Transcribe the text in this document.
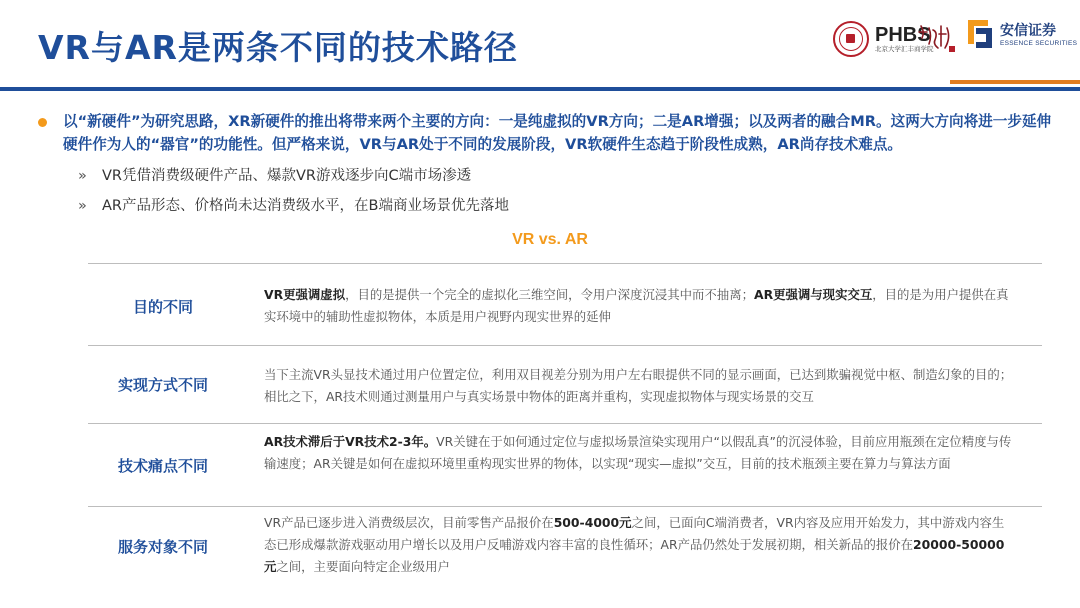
VR与AR是两条不同的技术路径	PHBS
北京大学汇丰商学院
安信证券
ESSENCE SECURITIES
以“新硬件”为研究思路，XR新硬件的推出将带来两个主要的方向：一是纯虚拟的VR方向；二是AR增强；以及两者的融合MR。这两大方向将进一步延伸硬件作为人的“器官”的功能性。但严格来说，VR与AR处于不同的发展阶段，VR软硬件生态趋于阶段性成熟，AR尚存技术难点。
» VR凭借消费级硬件产品、爆款VR游戏逐步向C端市场渗透
» AR产品形态、价格尚未达消费级水平，在B端商业场景优先落地
VR vs. AR
目的不同
VR更强调虚拟，目的是提供一个完全的虚拟化三维空间，令用户深度沉浸其中而不抽离；AR更强调与现实交互，目的是为用户提供在真实环境中的辅助性虚拟物体，本质是用户视野内现实世界的延伸
实现方式不同
当下主流VR头显技术通过用户位置定位，利用双目视差分别为用户左右眼提供不同的显示画面，已达到欺骗视觉中枢、制造幻象的目的；相比之下，AR技术则通过测量用户与真实场景中物体的距离并重构，实现虚拟物体与现实场景的交互
技术痛点不同
AR技术滞后于VR技术2-3年。VR关键在于如何通过定位与虚拟场景渲染实现用户“以假乱真”的沉浸体验，目前应用瓶颈在定位精度与传输速度；AR关键是如何在虚拟环境里重构现实世界的物体，以实现“现实—虚拟”交互，目前的技术瓶颈主要在算力与算法方面
服务对象不同
VR产品已逐步进入消费级层次，目前零售产品报价在500-4000元之间，已面向C端消费者，VR内容及应用开始发力，其中游戏内容生态已形成爆款游戏驱动用户增长以及用户反哺游戏内容丰富的良性循环；AR产品仍然处于发展初期，相关新品的报价在20000-50000元之间，主要面向特定企业级用户
